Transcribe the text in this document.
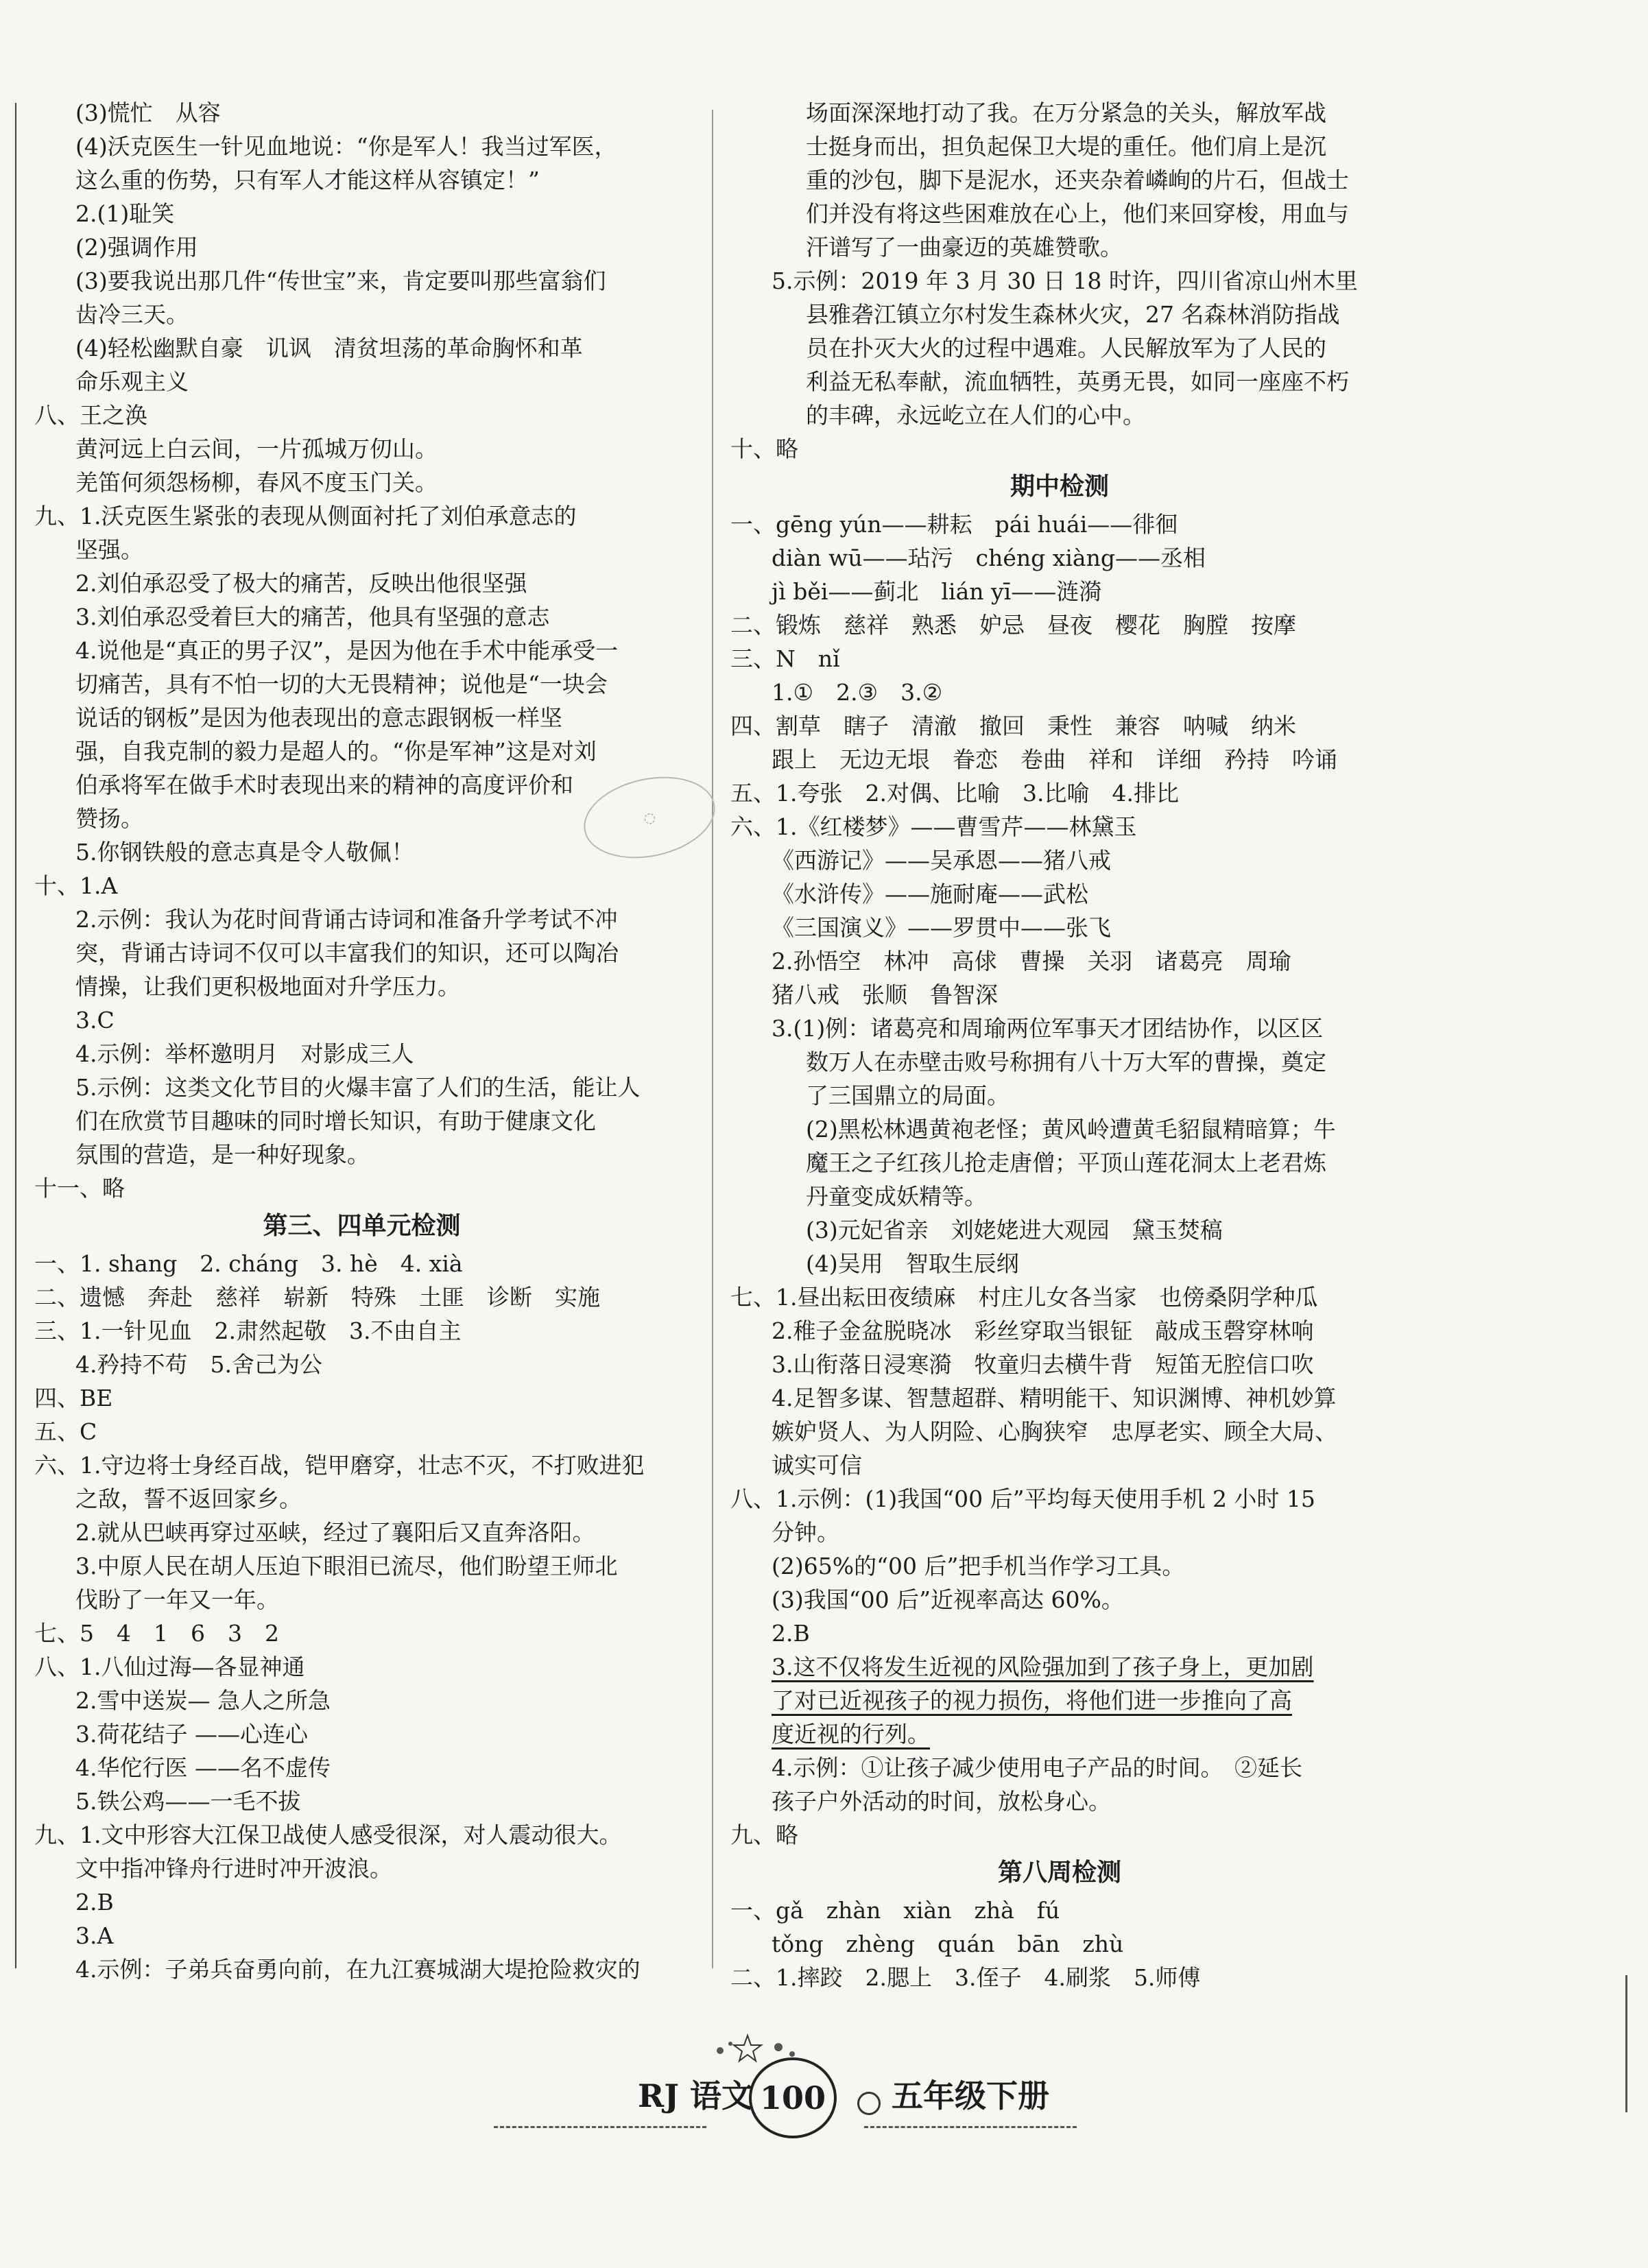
(3)慌忙　从容
(4)沃克医生一针见血地说：“你是军人！我当过军医，
这么重的伤势，只有军人才能这样从容镇定！”
2.(1)耻笑
(2)强调作用
(3)要我说出那几件“传世宝”来，肯定要叫那些富翁们
齿冷三天。
(4)轻松幽默自豪　讥讽　清贫坦荡的革命胸怀和革
命乐观主义
八、王之涣
黄河远上白云间，一片孤城万仞山。
羌笛何须怨杨柳，春风不度玉门关。
九、1.沃克医生紧张的表现从侧面衬托了刘伯承意志的
坚强。
2.刘伯承忍受了极大的痛苦，反映出他很坚强
3.刘伯承忍受着巨大的痛苦，他具有坚强的意志
4.说他是“真正的男子汉”，是因为他在手术中能承受一
切痛苦，具有不怕一切的大无畏精神；说他是“一块会
说话的钢板”是因为他表现出的意志跟钢板一样坚
强，自我克制的毅力是超人的。“你是军神”这是对刘
伯承将军在做手术时表现出来的精神的高度评价和
赞扬。
5.你钢铁般的意志真是令人敬佩！
十、1.A
2.示例：我认为花时间背诵古诗词和准备升学考试不冲
突，背诵古诗词不仅可以丰富我们的知识，还可以陶冶
情操，让我们更积极地面对升学压力。
3.C
4.示例：举杯邀明月　对影成三人
5.示例：这类文化节目的火爆丰富了人们的生活，能让人
们在欣赏节目趣味的同时增长知识，有助于健康文化
氛围的营造，是一种好现象。
十一、略
第三、四单元检测
一、1. shang　2. cháng　3. hè　4. xià
二、遗憾　奔赴　慈祥　崭新　特殊　土匪　诊断　实施
三、1.一针见血　2.肃然起敬　3.不由自主
4.矜持不苟　5.舍己为公
四、BE
五、C
六、1.守边将士身经百战，铠甲磨穿，壮志不灭，不打败进犯
之敌，誓不返回家乡。
2.就从巴峡再穿过巫峡，经过了襄阳后又直奔洛阳。
3.中原人民在胡人压迫下眼泪已流尽，他们盼望王师北
伐盼了一年又一年。
七、5　4　1　6　3　2
八、1.八仙过海—各显神通
2.雪中送炭— 急人之所急
3.荷花结子 ——心连心
4.华佗行医 ——名不虚传
5.铁公鸡——一毛不拔
九、1.文中形容大江保卫战使人感受很深，对人震动很大。
文中指冲锋舟行进时冲开波浪。
2.B
3.A
4.示例：子弟兵奋勇向前，在九江赛城湖大堤抢险救灾的
场面深深地打动了我。在万分紧急的关头，解放军战
士挺身而出，担负起保卫大堤的重任。他们肩上是沉
重的沙包，脚下是泥水，还夹杂着嶙峋的片石，但战士
们并没有将这些困难放在心上，他们来回穿梭，用血与
汗谱写了一曲豪迈的英雄赞歌。
5.示例：2019 年 3 月 30 日 18 时许，四川省凉山州木里
县雅砻江镇立尔村发生森林火灾，27 名森林消防指战
员在扑灭大火的过程中遇难。人民解放军为了人民的
利益无私奉献，流血牺牲，英勇无畏，如同一座座不朽
的丰碑，永远屹立在人们的心中。
十、略
期中检测
一、gēng yún——耕耘　pái huái——徘徊
diàn wū——玷污　chéng xiàng——丞相
jì běi——蓟北　lián yī——涟漪
二、锻炼　慈祥　熟悉　妒忌　昼夜　樱花　胸膛　按摩
三、N　nǐ
1.①　2.③　3.②
四、割草　瞎子　清澈　撤回　秉性　兼容　呐喊　纳米
跟上　无边无垠　眷恋　卷曲　祥和　详细　矜持　吟诵
五、1.夸张　2.对偶、比喻　3.比喻　4.排比
六、1.《红楼梦》——曹雪芹——林黛玉
《西游记》——吴承恩——猪八戒
《水浒传》——施耐庵——武松
《三国演义》——罗贯中——张飞
2.孙悟空　林冲　高俅　曹操　关羽　诸葛亮　周瑜
猪八戒　张顺　鲁智深
3.(1)例：诸葛亮和周瑜两位军事天才团结协作，以区区
数万人在赤壁击败号称拥有八十万大军的曹操，奠定
了三国鼎立的局面。
(2)黑松林遇黄袍老怪；黄风岭遭黄毛貂鼠精暗算；牛
魔王之子红孩儿抢走唐僧；平顶山莲花洞太上老君炼
丹童变成妖精等。
(3)元妃省亲　刘姥姥进大观园　黛玉焚稿
(4)吴用　智取生辰纲
七、1.昼出耘田夜绩麻　村庄儿女各当家　也傍桑阴学种瓜
2.稚子金盆脱晓冰　彩丝穿取当银钲　敲成玉磬穿林响
3.山衔落日浸寒漪　牧童归去横牛背　短笛无腔信口吹
4.足智多谋、智慧超群、精明能干、知识渊博、神机妙算
嫉妒贤人、为人阴险、心胸狭窄　忠厚老实、顾全大局、
诚实可信
八、1.示例：(1)我国“00 后”平均每天使用手机 2 小时 15
分钟。
(2)65%的“00 后”把手机当作学习工具。
(3)我国“00 后”近视率高达 60%。
2.B
3.这不仅将发生近视的风险强加到了孩子身上，更加剧
了对已近视孩子的视力损伤，将他们进一步推向了高
度近视的行列。
4.示例：①让孩子减少使用电子产品的时间。　②延长
孩子户外活动的时间，放松身心。
九、略
第八周检测
一、gǎ　zhàn　xiàn　zhà　fú
tǒng　zhèng　quán　bān　zhù
二、1.摔跤　2.腮上　3.侄子　4.刷浆　5.师傅
◌
RJ 语文 100	五年级下册
